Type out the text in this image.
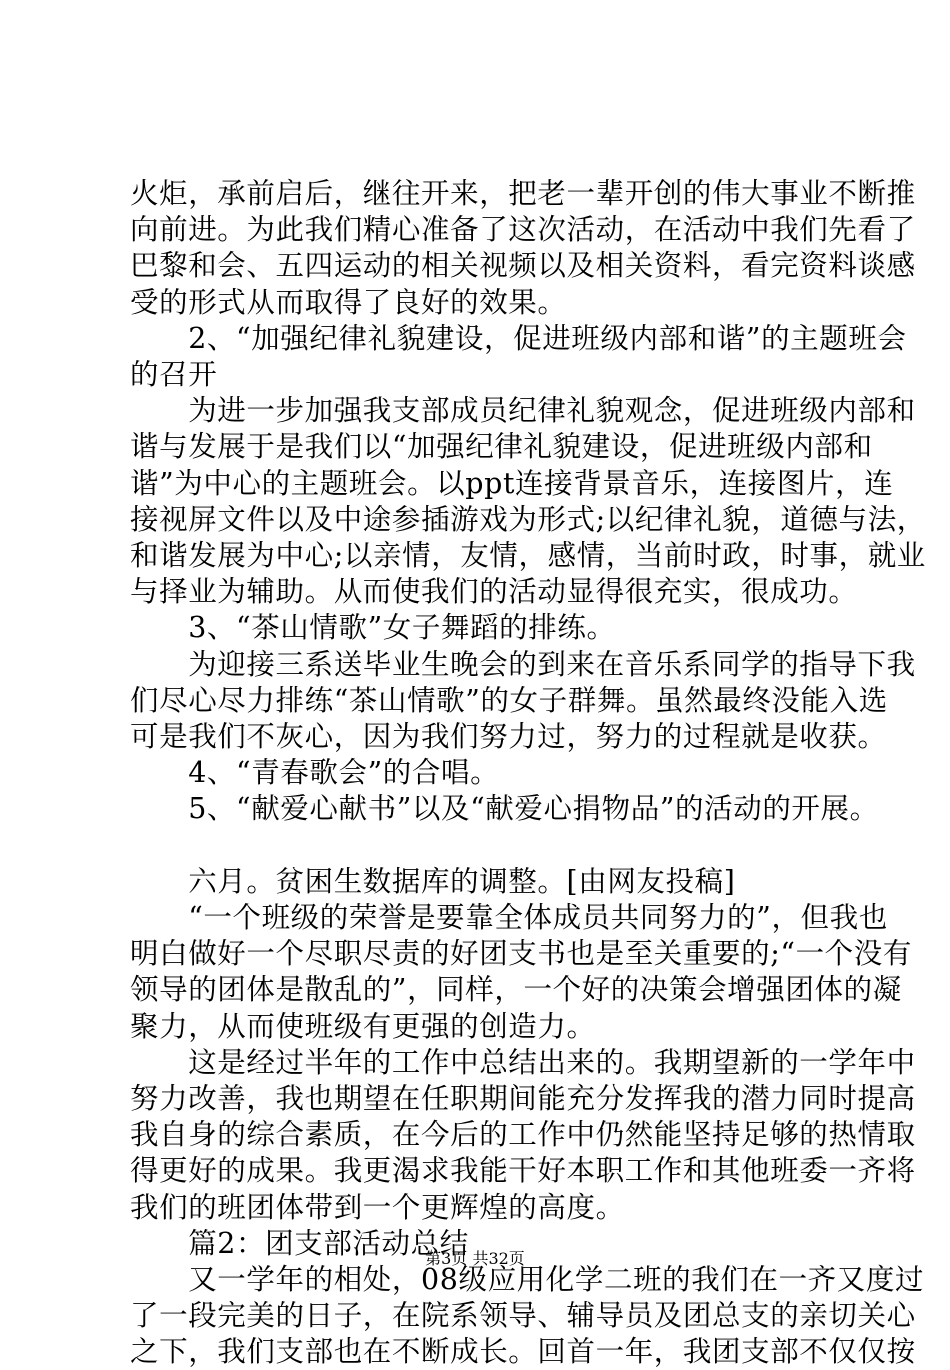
火炬，承前启后，继往开来，把老一辈开创的伟大事业不断推
向前进。为此我们精心准备了这次活动，在活动中我们先看了
巴黎和会、五四运动的相关视频以及相关资料，看完资料谈感
受的形式从而取得了良好的效果。
　　2、“加强纪律礼貌建设，促进班级内部和谐”的主题班会
的召开
　　为进一步加强我支部成员纪律礼貌观念，促进班级内部和
谐与发展于是我们以“加强纪律礼貌建设，促进班级内部和
谐”为中心的主题班会。以ppt连接背景音乐，连接图片，连
接视屏文件以及中途参插游戏为形式;以纪律礼貌，道德与法，
和谐发展为中心;以亲情，友情，感情，当前时政，时事，就业
与择业为辅助。从而使我们的活动显得很充实，很成功。
　　3、“茶山情歌”女子舞蹈的排练。
　　为迎接三系送毕业生晚会的到来在音乐系同学的指导下我
们尽心尽力排练“茶山情歌”的女子群舞。虽然最终没能入选
可是我们不灰心，因为我们努力过，努力的过程就是收获。
　　4、“青春歌会”的合唱。
　　5、“献爱心献书”以及“献爱心捐物品”的活动的开展。
　　六月。贫困生数据库的调整。[由网友投稿]
　　“一个班级的荣誉是要靠全体成员共同努力的”，但我也
明白做好一个尽职尽责的好团支书也是至关重要的;“一个没有
领导的团体是散乱的”，同样，一个好的决策会增强团体的凝
聚力，从而使班级有更强的创造力。
　　这是经过半年的工作中总结出来的。我期望新的一学年中
努力改善，我也期望在任职期间能充分发挥我的潜力同时提高
我自身的综合素质，在今后的工作中仍然能坚持足够的热情取
得更好的成果。我更渴求我能干好本职工作和其他班委一齐将
我们的班团体带到一个更辉煌的高度。
　　篇2：团支部活动总结
　　又一学年的相处，08级应用化学二班的我们在一齐又度过
了一段完美的日子，在院系领导、辅导员及团总支的亲切关心
之下，我们支部也在不断成长。回首一年，我团支部不仅仅按
第3页 共32页
